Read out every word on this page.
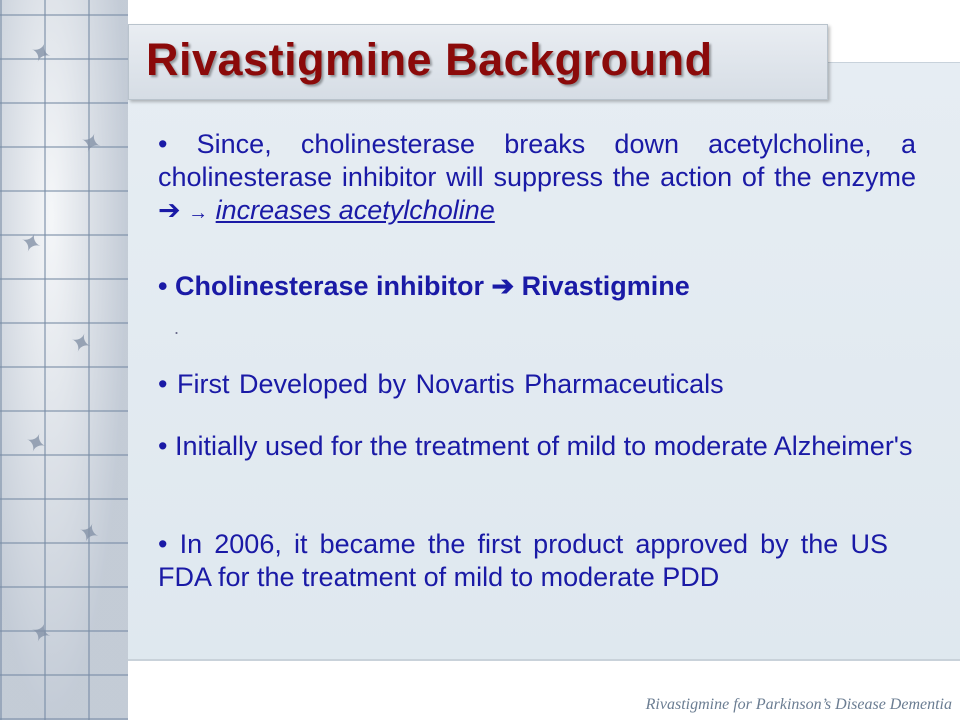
✦
✦
✦
✦
✦
✦
✦
Rivastigmine Background

• Since, cholinesterase breaks down acetylcholine, a cholinesterase inhibitor will suppress the action of the enzyme ➔ → increases acetylcholine

• Cholinesterase inhibitor ➔ Rivastigmine

.

• First Developed by Novartis Pharmaceuticals

• Initially used for the treatment of mild to moderate Alzheimer's

• In 2006, it became the first product approved by the US FDA for the treatment of mild to moderate PDD

Rivastigmine for Parkinson’s Disease Dementia
